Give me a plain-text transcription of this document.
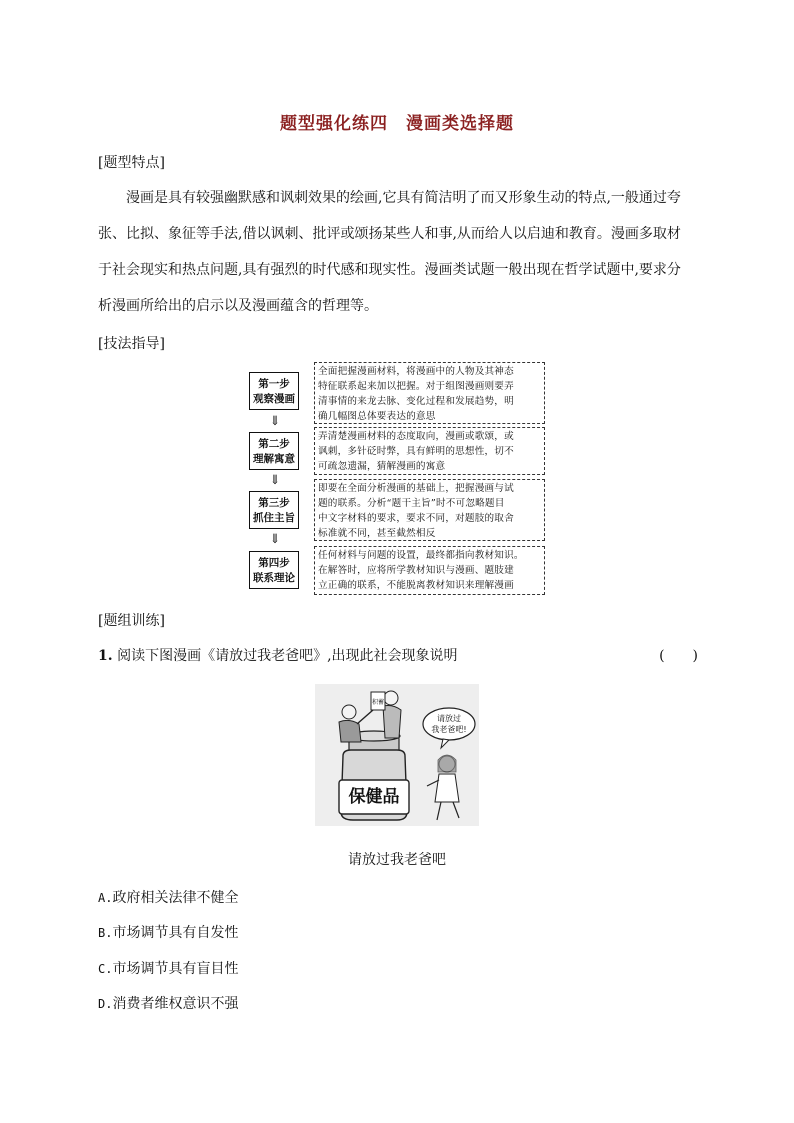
题型强化练四　漫画类选择题
[题型特点]
漫画是具有较强幽默感和讽刺效果的绘画,它具有简洁明了而又形象生动的特点,一般通过夸
张、比拟、象征等手法,借以讽刺、批评或颂扬某些人和事,从而给人以启迪和教育。漫画多取材
于社会现实和热点问题,具有强烈的时代感和现实性。漫画类试题一般出现在哲学试题中,要求分
析漫画所给出的启示以及漫画蕴含的哲理等。
[技法指导]
第一步
观察漫画
全面把握漫画材料，将漫画中的人物及其神态
特征联系起来加以把握。对于组图漫画则要弄
清事情的来龙去脉、变化过程和发展趋势，明
确几幅图总体要表达的意思
⇓
第二步
理解寓意
弄清楚漫画材料的态度取向，漫画或歌颂，或
讽刺，多针砭时弊，具有鲜明的思想性，切不
可疏忽遗漏，猜解漫画的寓意
⇓
第三步
抓住主旨
即要在全面分析漫画的基础上，把握漫画与试
题的联系。分析“题干主旨”时不可忽略题目
中文字材料的要求，要求不同，对题肢的取舍
标准就不同，甚至截然相反
⇓
第四步
联系理论
任何材料与问题的设置，最终都指向教材知识。
在解答时，应将所学教材知识与漫画、题肢建
立正确的联系，不能脱离教材知识来理解漫画
[题组训练]
1. 阅读下图漫画《请放过我老爸吧》,出现此社会现象说明	(　　)
保健品
积蓄
请放过
我老爸吧!
请放过我老爸吧
A.政府相关法律不健全
B.市场调节具有自发性
C.市场调节具有盲目性
D.消费者维权意识不强
